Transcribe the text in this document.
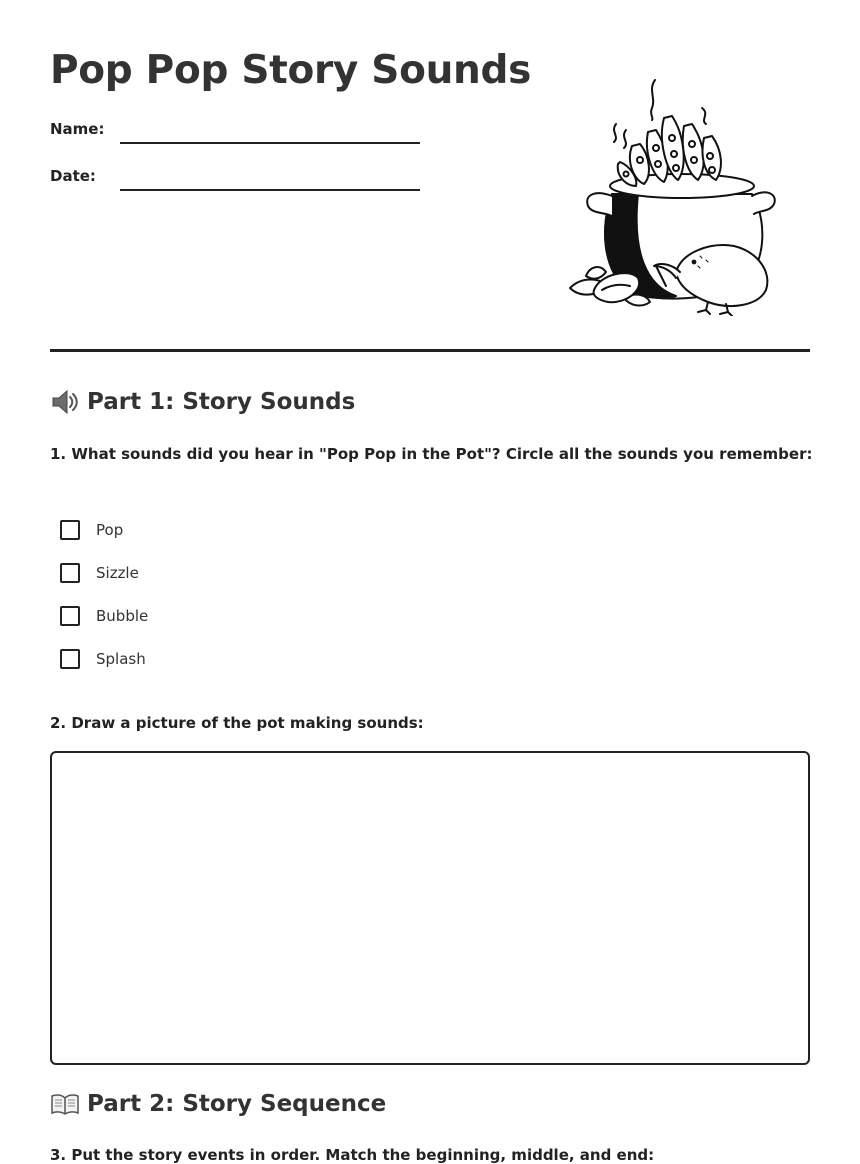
Pop Pop Story Sounds
Name:
Date:
Part 1: Story Sounds

1. What sounds did you hear in "Pop Pop in the Pot"? Circle all the sounds you remember:

Pop
Sizzle
Bubble
Splash

2. Draw a picture of the pot making sounds:

Part 2: Story Sequence

3. Put the story events in order. Match the beginning, middle, and end:
